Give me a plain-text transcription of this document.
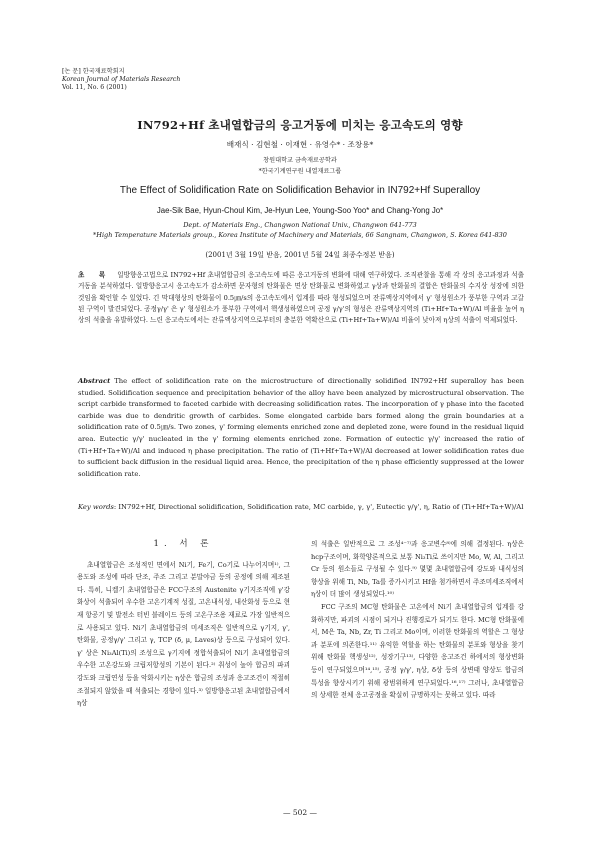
[논 문] 한국재료학회지
Korean Journal of Materials Research
Vol. 11, No. 6 (2001)
IN792+Hf 초내열합금의 응고거동에 미치는 응고속도의 영향
배재식 · 김현철 · 이재현 · 유영수* · 조창용*
창원대학교 금속재료공학과
*한국기계연구원 내열재료그룹
The Effect of Solidification Rate on Solidification Behavior in IN792+Hf Superalloy
Jae-Sik Bae, Hyun-Choul Kim, Je-Hyun Lee, Young-Soo Yoo* and Chang-Yong Jo*
Dept. of Materials Eng., Changwon National Univ., Changwon 641-773
*High Temperature Materials group., Korea Institute of Machinery and Materials, 66 Sangnam, Changwon, S. Korea 641-830
(2001년 3월 19일 받음, 2001년 5월 24일 최종수정본 받음)
초 록 일방향응고법으로 IN792+Hf 초내열합금의 응고속도에 따른 응고거동의 변화에 대해 연구하였다. 조직관찰을 통해 각 상의 응고과정과 석출거동을 분석하였다. 일방향응고시 응고속도가 감소하면 문자형의 탄화물은 면상 탄화물로 변화하였고 γ상과 탄화물의 결합은 탄화물의 수지상 성장에 의한 것임을 확인할 수 있었다. 긴 막대형상의 탄화물이 0.5㎛/s의 응고속도에서 입계를 따라 형성되었으며 잔류액상지역에서 γ' 형성원소가 풍부한 구역과 고갈된 구역이 발견되었다. 공정γ/γ' 은 γ' 형성원소가 풍부한 구역에서 핵생성하였으며 공정 γ/γ'의 형성은 잔류액상지역의 (Ti+Hf+Ta+W)/Al 비율을 높여 η상의 석출을 유발하였다. 느린 응고속도에서는 잔류액상지역으로부터의 충분한 역확산으로 (Ti+Hf+Ta+W)/Al 비율이 낮아져 η상의 석출이 억제되었다.
Abstract The effect of solidification rate on the microstructure of directionally solidified IN792+Hf superalloy has been studied. Solidification sequence and precipitation behavior of the alloy have been analyzed by microstructural observation. The script carbide transformed to faceted carbide with decreasing solidification rates. The incorporation of γ phase into the faceted carbide was due to dendritic growth of carbides. Some elongated carbide bars formed along the grain boundaries at a solidification rate of 0.5㎛/s. Two zones, γ' forming elements enriched zone and depleted zone, were found in the residual liquid area. Eutectic γ/γ' nucleated in the γ' forming elements enriched zone. Formation of eutectic γ/γ' increased the ratio of (Ti+Hf+Ta+W)/Al and induced η phase precipitation. The ratio of (Ti+Hf+Ta+W)/Al decreased at lower solidification rates due to sufficient back diffusion in the residual liquid area. Hence, the precipitation of the η phase efficiently suppressed at the lower solidification rate.
Key words: IN792+Hf, Directional solidification, Solidification rate, MC carbide, γ, γ', Eutectic γ/γ', η, Ratio of (Ti+Hf+Ta+W)/Al
1. 서 론

초내열합금은 조성적인 면에서 Ni기, Fe기, Co기로 나누어지며¹⁾, 그 용도와 조성에 따라 단조, 주조 그리고 분말야금 등의 공정에 의해 제조된다. 특히, 니켈기 초내열합금은 FCC구조의 Austenite γ기지조직에 γ'강화상이 석출되어 우수한 고온기계적 성질, 고온내식성, 내산화성 등으로 현재 항공기 및 발전소 터빈 블레이드 등의 고온구조용 재료로 가장 일반적으로 사용되고 있다. Ni기 초내열합금의 미세조직은 일반적으로 γ기지, γ', 탄화물, 공정γ/γ' 그리고 γ, TCP (δ, μ, Laves)상 등으로 구성되어 있다. γ' 상은 Ni₃Al(Ti)의 조성으로 γ기지에 정합석출되어 Ni기 초내열합금의 우수한 고온강도와 크립저항성의 기본이 된다.²⁾ 취성이 높아 합금의 파괴강도와 크립연성 등을 악화시키는 η상은 합금의 조성과 응고조건이 적절히 조절되지 않았을 때 석출되는 경향이 있다.³⁾ 일방향응고된 초내열합금에서 η상

의 석출은 일반적으로 그 조성⁴⁻⁷⁾과 응고변수⁸⁾에 의해 결정된다. η상은 hcp구조이며, 화학양론적으로 보통 Ni₃Ti로 쓰이지만 Mo, W, Al, 그리고 Cr 등의 원소들로 구성될 수 있다.⁹⁾ 몇몇 초내열합금에 강도와 내식성의 향상을 위해 Ti, Nb, Ta를 증가시키고 Hf을 첨가하면서 주조미세조직에서 η상이 더 많이 생성되었다.¹⁰⁾

FCC 구조의 MC형 탄화물은 고온에서 Ni기 초내열합금의 입계를 강화하지만, 파괴의 시점이 되거나 진행경로가 되기도 한다. MC형 탄화물에서, M은 Ta, Nb, Zr, Ti 그리고 Mo이며, 이러한 탄화물의 역할은 그 형상과 분포에 의존한다.¹¹⁾ 유익한 역할을 하는 탄화물의 분포와 형상을 찾기 위해 탄화물 핵생성¹²⁾, 성장기구¹³⁾, 다양한 응고조건 하에서의 형상변화 등이 연구되었으며¹⁴,¹⁵⁾, 공정 γ/γ', η상, δ상 등의 상변태 양상도 합금의 특성을 향상시키기 위해 광범위하게 연구되었다.¹⁶,¹⁷⁾ 그러나, 초내열합금의 상세한 전체 응고공정을 확실히 규명하지는 못하고 있다. 따라

— 502 —
